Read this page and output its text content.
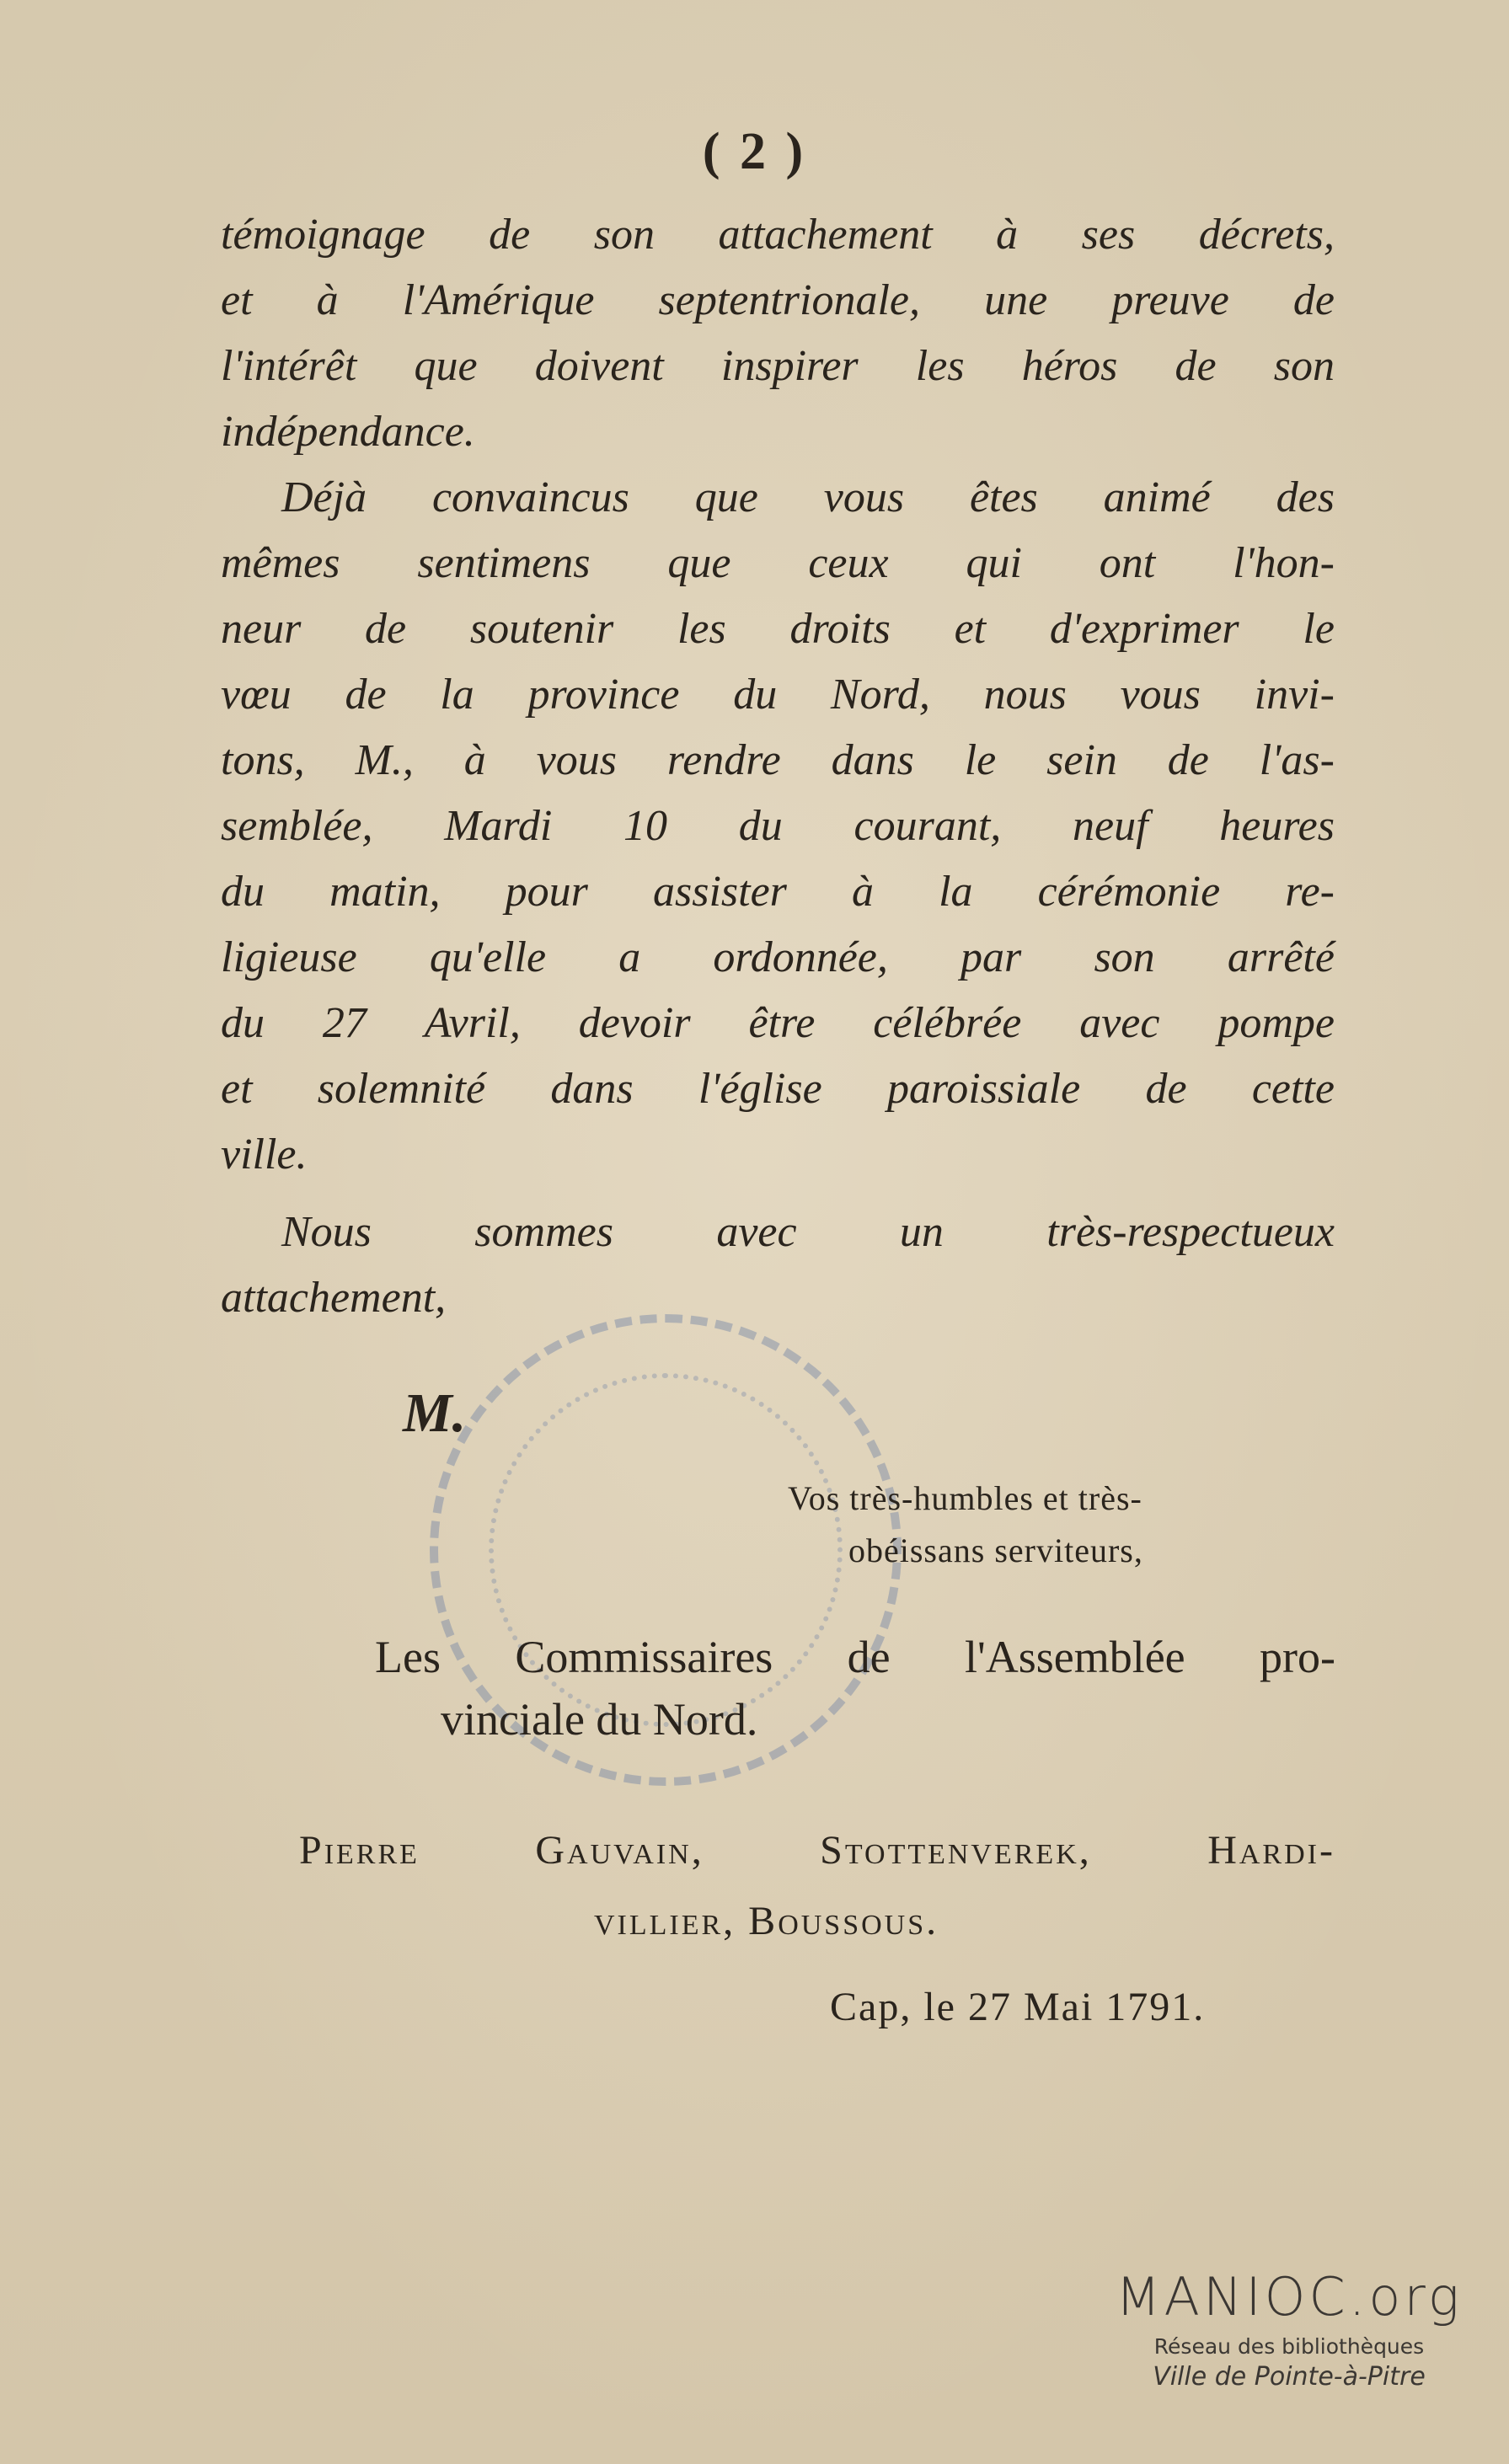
( 2 )
témoignage de son attachement à ses décrets,
et à l'Amérique septentrionale, une preuve de
l'intérêt que doivent inspirer les héros de son
indépendance.
Déjà convaincus que vous êtes animé des
mêmes sentimens que ceux qui ont l'hon-
neur de soutenir les droits et d'exprimer le
vœu de la province du Nord, nous vous invi-
tons, M., à vous rendre dans le sein de l'as-
semblée, Mardi 10 du courant, neuf heures
du matin, pour assister à la cérémonie re-
ligieuse qu'elle a ordonnée, par son arrêté
du 27 Avril, devoir être célébrée avec pompe
et solemnité dans l'église paroissiale de cette
ville.
Nous sommes avec un très-respectueux
attachement,
M.
Vos très-humbles et très-
obéissans serviteurs,
Les Commissaires de l'Assemblée pro-
vinciale du Nord.
Pierre	Gauvain,	Stottenverek,	Hardi-
villier, Boussous.
Cap, le 27 Mai 1791.
MANIOC.org
Réseau des bibliothèques
Ville de Pointe-à-Pitre
